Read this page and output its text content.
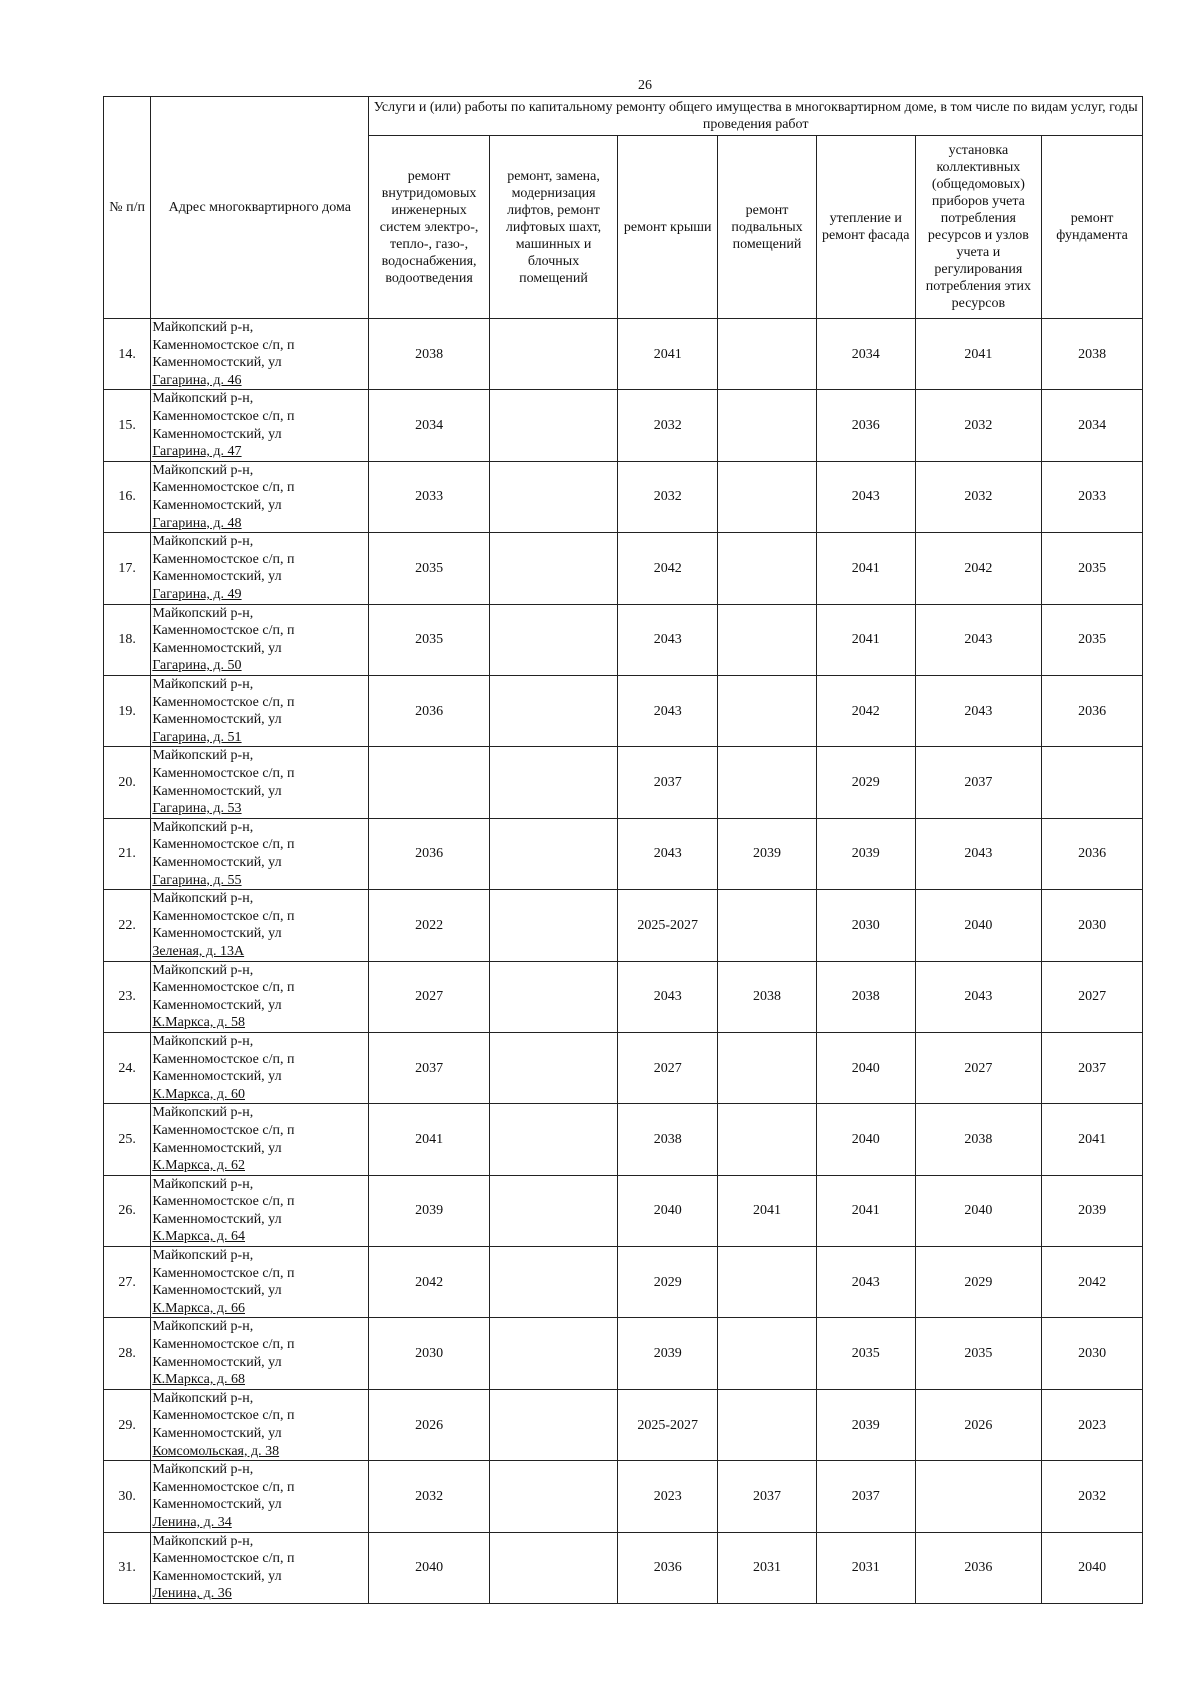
26
№ п/п	Адрес многоквартирного дома	Услуги и (или) работы по капитальному ремонту общего имущества в многоквартирном доме, в том числе по видам услуг, годы проведения работ						
		ремонт внутридомовых инженерных систем электро-, тепло-, газо-, водоснабжения, водоотведения	ремонт, замена, модернизация лифтов, ремонт лифтовых шахт, машинных и блочных помещений	ремонт крыши	ремонт подвальных помещений	утепление и ремонт фасада	установка коллективных (общедомовых) приборов учета потребления ресурсов и узлов учета и регулирования потребления этих ресурсов	ремонт фундамента
14.	Майкопский р-н,
Каменномостское с/п, п
Каменномостский, ул
Гагарина, д. 46	2038		2041		2034	2041	2038
15.	Майкопский р-н,
Каменномостское с/п, п
Каменномостский, ул
Гагарина, д. 47	2034		2032		2036	2032	2034
16.	Майкопский р-н,
Каменномостское с/п, п
Каменномостский, ул
Гагарина, д. 48	2033		2032		2043	2032	2033
17.	Майкопский р-н,
Каменномостское с/п, п
Каменномостский, ул
Гагарина, д. 49	2035		2042		2041	2042	2035
18.	Майкопский р-н,
Каменномостское с/п, п
Каменномостский, ул
Гагарина, д. 50	2035		2043		2041	2043	2035
19.	Майкопский р-н,
Каменномостское с/п, п
Каменномостский, ул
Гагарина, д. 51	2036		2043		2042	2043	2036
20.	Майкопский р-н,
Каменномостское с/п, п
Каменномостский, ул
Гагарина, д. 53			2037		2029	2037	
21.	Майкопский р-н,
Каменномостское с/п, п
Каменномостский, ул
Гагарина, д. 55	2036		2043	2039	2039	2043	2036
22.	Майкопский р-н,
Каменномостское с/п, п
Каменномостский, ул
Зеленая, д. 13А	2022		2025-2027		2030	2040	2030
23.	Майкопский р-н,
Каменномостское с/п, п
Каменномостский, ул
К.Маркса, д. 58	2027		2043	2038	2038	2043	2027
24.	Майкопский р-н,
Каменномостское с/п, п
Каменномостский, ул
К.Маркса, д. 60	2037		2027		2040	2027	2037
25.	Майкопский р-н,
Каменномостское с/п, п
Каменномостский, ул
К.Маркса, д. 62	2041		2038		2040	2038	2041
26.	Майкопский р-н,
Каменномостское с/п, п
Каменномостский, ул
К.Маркса, д. 64	2039		2040	2041	2041	2040	2039
27.	Майкопский р-н,
Каменномостское с/п, п
Каменномостский, ул
К.Маркса, д. 66	2042		2029		2043	2029	2042
28.	Майкопский р-н,
Каменномостское с/п, п
Каменномостский, ул
К.Маркса, д. 68	2030		2039		2035	2035	2030
29.	Майкопский р-н,
Каменномостское с/п, п
Каменномостский, ул
Комсомольская, д. 38	2026		2025-2027		2039	2026	2023
30.	Майкопский р-н,
Каменномостское с/п, п
Каменномостский, ул
Ленина, д. 34	2032		2023	2037	2037		2032
31.	Майкопский р-н,
Каменномостское с/п, п
Каменномостский, ул
Ленина, д. 36	2040		2036	2031	2031	2036	2040
